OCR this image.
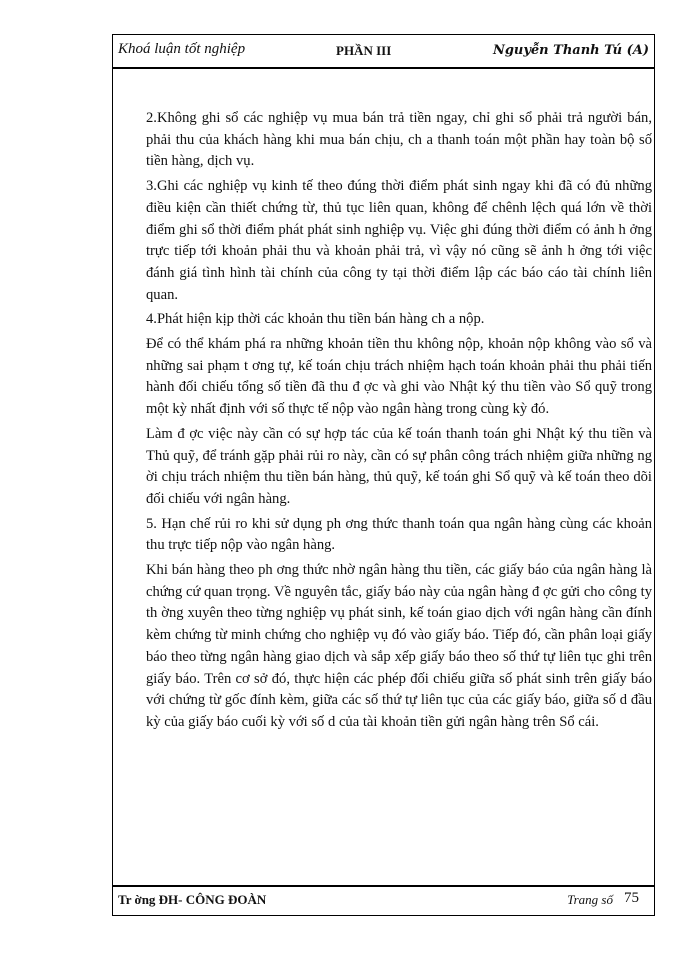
Khoá luận tốt nghiệp	PHẦN III	Nguyễn Thanh Tú (A)

2.Không ghi sổ các nghiệp vụ mua bán trả tiền ngay, chỉ ghi sổ phải trả người bán, phải thu của khách hàng khi mua bán chịu, ch a thanh toán một phần hay toàn bộ số tiền hàng, dịch vụ.

3.Ghi các nghiệp vụ kinh tế theo đúng thời điểm phát sinh ngay khi đã có đủ những điều kiện cần thiết chứng từ, thủ tục liên quan, không để chênh lệch quá lớn về thời điểm ghi sổ thời điểm phát phát sinh nghiệp vụ. Việc ghi đúng thời điểm có ảnh h ởng trực tiếp tới khoản phải thu và khoản phải trả, vì vậy nó cũng sẽ ảnh h ởng tới việc đánh giá tình hình tài chính của công ty tại thời điểm lập các báo cáo tài chính liên quan.

4.Phát hiện kịp thời các khoản thu tiền bán hàng ch a nộp.

Để có thể khám phá ra những khoản tiền thu không nộp, khoản nộp không vào sổ và những sai phạm t ơng tự, kế toán chịu trách nhiệm hạch toán khoản phải thu phải tiến hành đối chiếu tổng số tiền đã thu đ ợc và ghi vào Nhật ký thu tiền vào Sổ quỹ trong một kỳ nhất định với số thực tế nộp vào ngân hàng trong cùng kỳ đó.

Làm đ ợc việc này cần có sự hợp tác của kế toán thanh toán ghi Nhật ký thu tiền và Thủ quỹ, để tránh gặp phải rủi ro này, cần có sự phân công trách nhiệm giữa những ng ời chịu trách nhiệm thu tiền bán hàng, thủ quỹ, kế toán ghi Sổ quỹ và kế toán theo dõi đối chiếu với ngân hàng.

5. Hạn chế rủi ro khi sử dụng ph ơng thức thanh toán qua ngân hàng cùng các khoản thu trực tiếp nộp vào ngân hàng.

Khi bán hàng theo ph ơng thức nhờ ngân hàng thu tiền, các giấy báo của ngân hàng là chứng cứ quan trọng. Về nguyên tắc, giấy báo này của ngân hàng đ ợc gửi cho công ty th ờng xuyên theo từng nghiệp vụ phát sinh, kế toán giao dịch với ngân hàng cần đính kèm chứng từ minh chứng cho nghiệp vụ đó vào giấy báo. Tiếp đó, cần phân loại giấy báo theo từng ngân hàng giao dịch và sắp xếp giấy báo theo số thứ tự liên tục ghi trên giấy báo. Trên cơ sở đó, thực hiện các phép đối chiếu giữa số phát sinh trên giấy báo với chứng từ gốc đính kèm, giữa các số thứ tự liên tục của các giấy báo, giữa số d đầu kỳ của giấy báo cuối kỳ với số d của tài khoản tiền gửi ngân hàng trên Sổ cái.

Tr ờng ĐH- CÔNG ĐOÀN	Trang số 75
